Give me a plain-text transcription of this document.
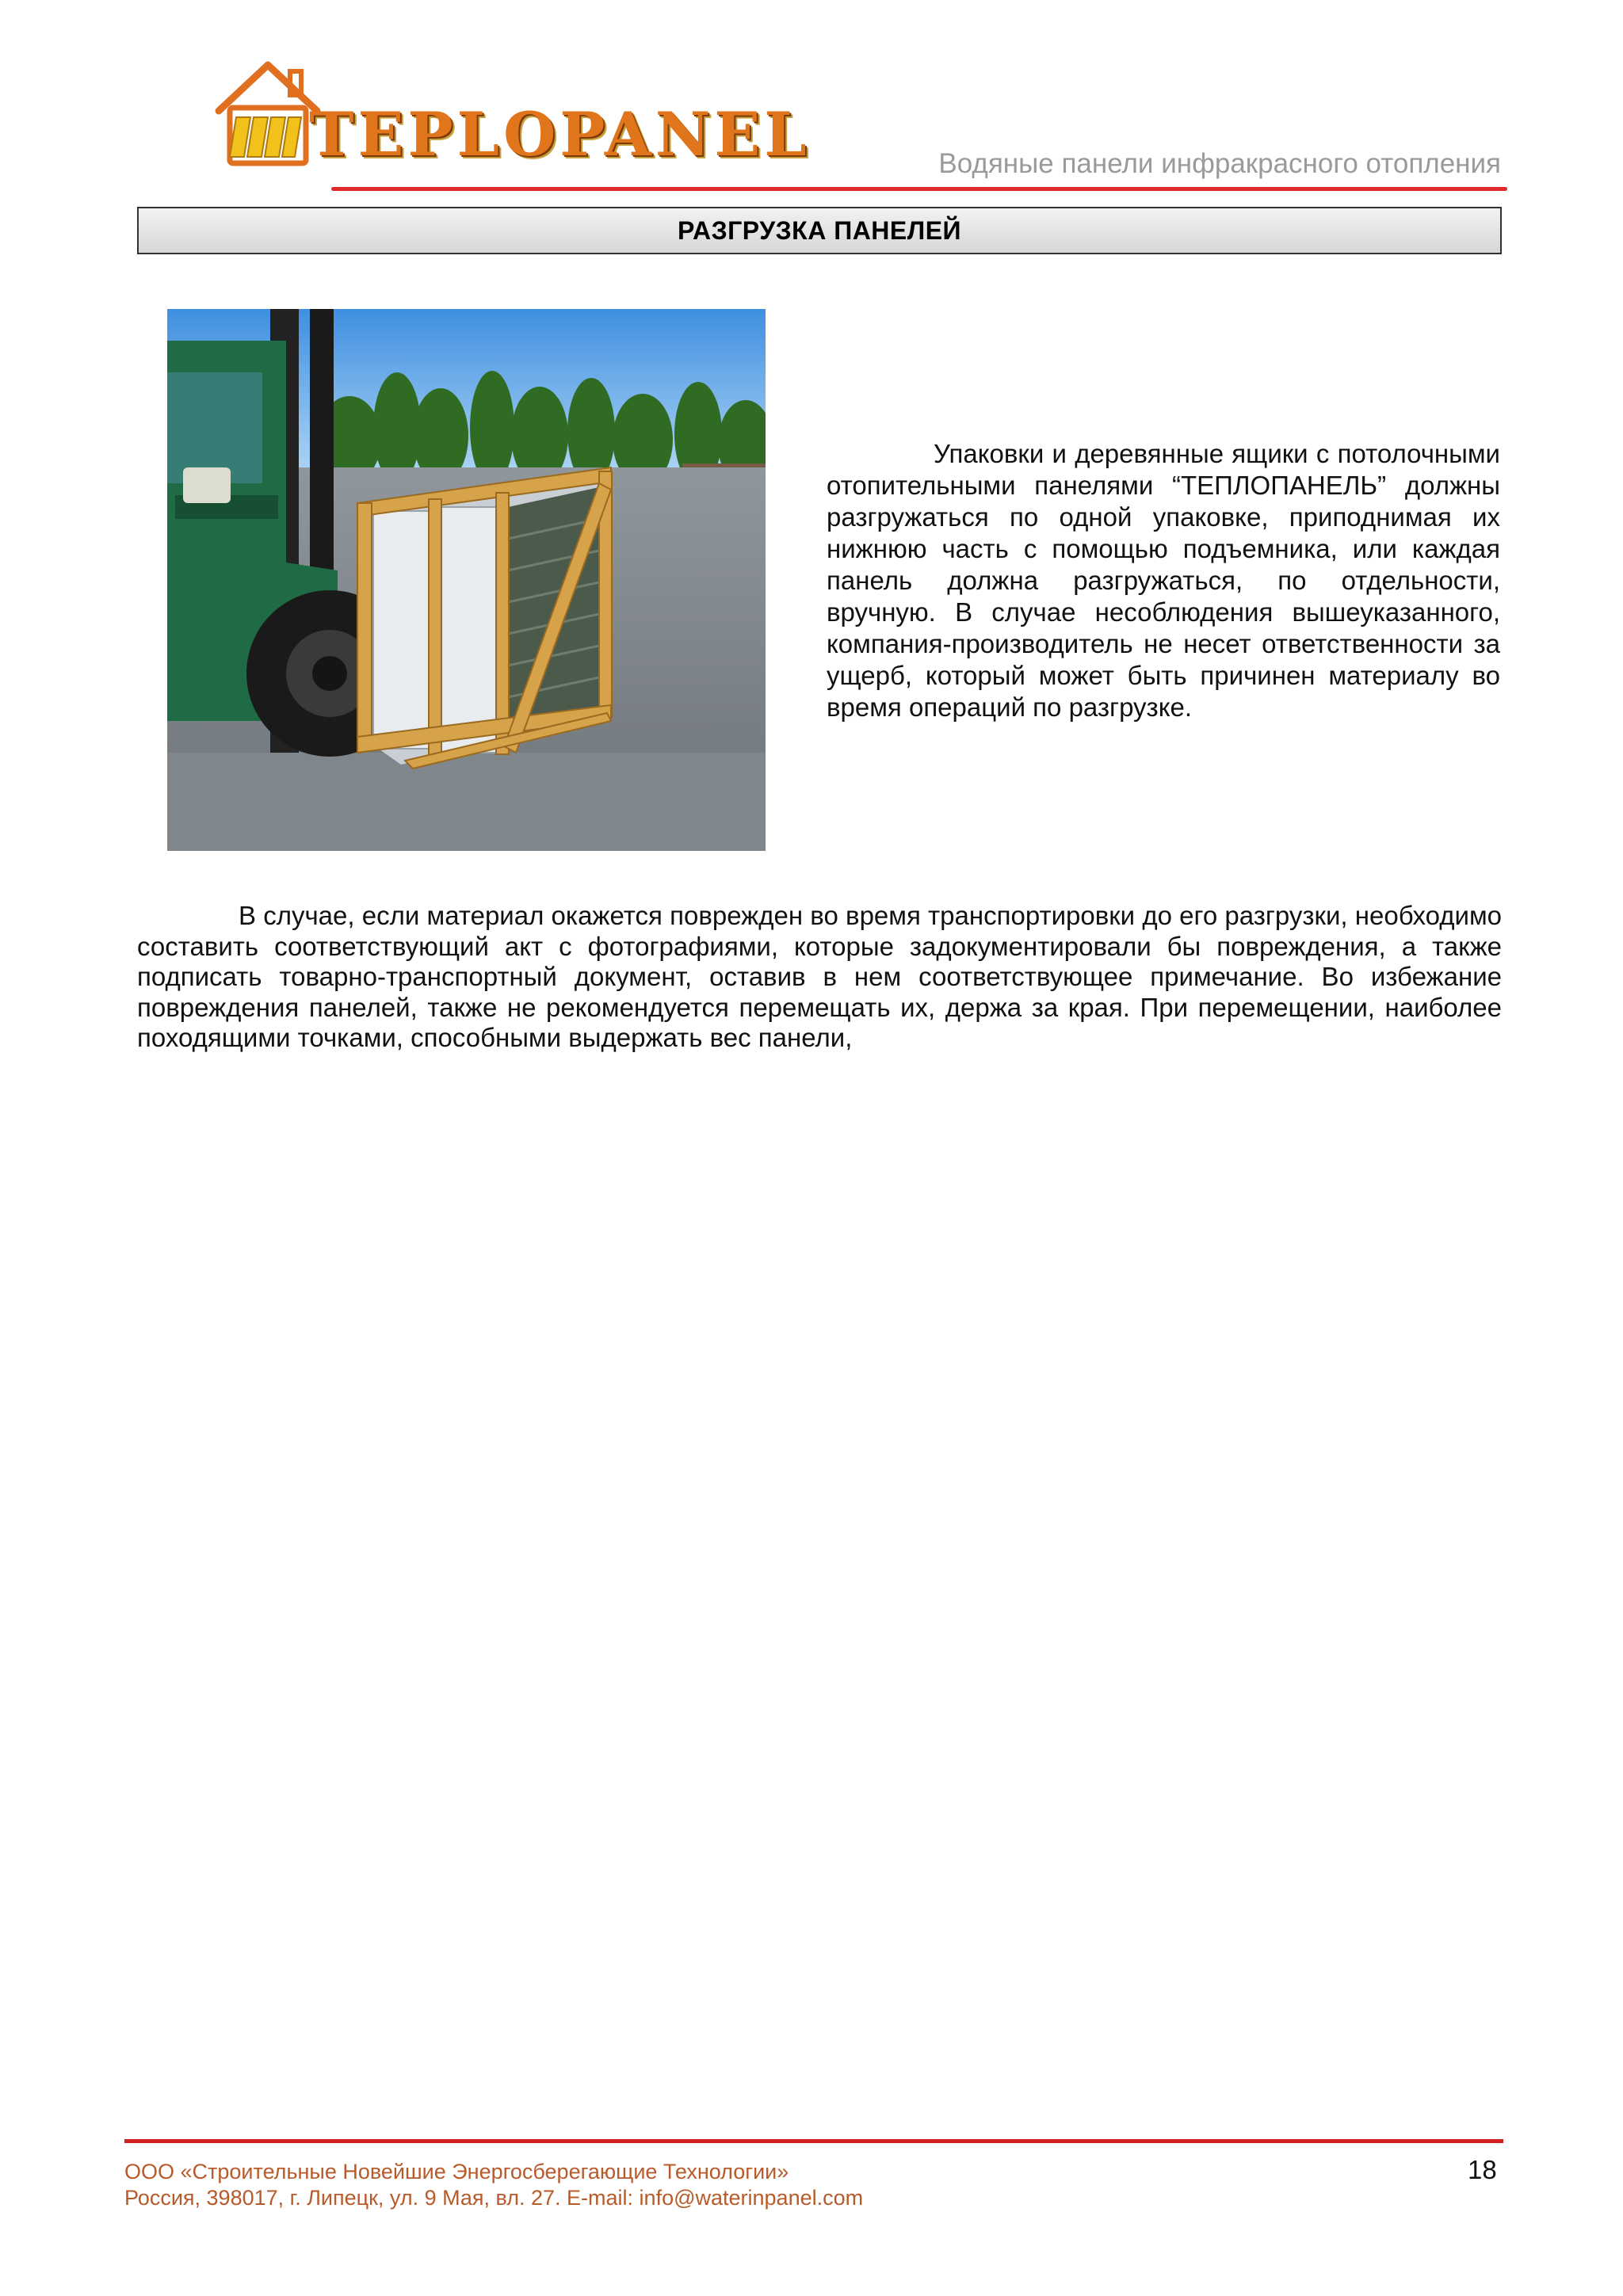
TEPLOPANEL	Водяные панели инфракрасного отопления
РАЗГРУЗКА ПАНЕЛЕЙ

Упаковки и деревянные ящики с потолочными отопительными панелями “ТЕПЛОПАНЕЛЬ” должны разгружаться по одной упаковке, приподнимая их нижнюю часть с помощью подъемника, или каждая панель должна разгружаться, по отдельности, вручную. В случае несоблюдения вышеуказанного, компания-производитель не несет ответственности за ущерб, который может быть причинен материалу во время операций по разгрузке.

В случае, если материал окажется поврежден во время транспортировки до его разгрузки, необходимо составить соответствующий акт с фотографиями, которые задокументировали бы повреждения, а также подписать товарно-транспортный документ, оставив в нем соответствующее примечание. Во избежание повреждения панелей, также не рекомендуется перемещать их, держа за края. При перемещении, наиболее походящими точками, способными выдержать вес панели,

ООО «Строительные Новейшие Энергосберегающие Технологии»
Россия, 398017, г. Липецк, ул. 9 Мая, вл. 27. E-mail: info@waterinpanel.com
18
